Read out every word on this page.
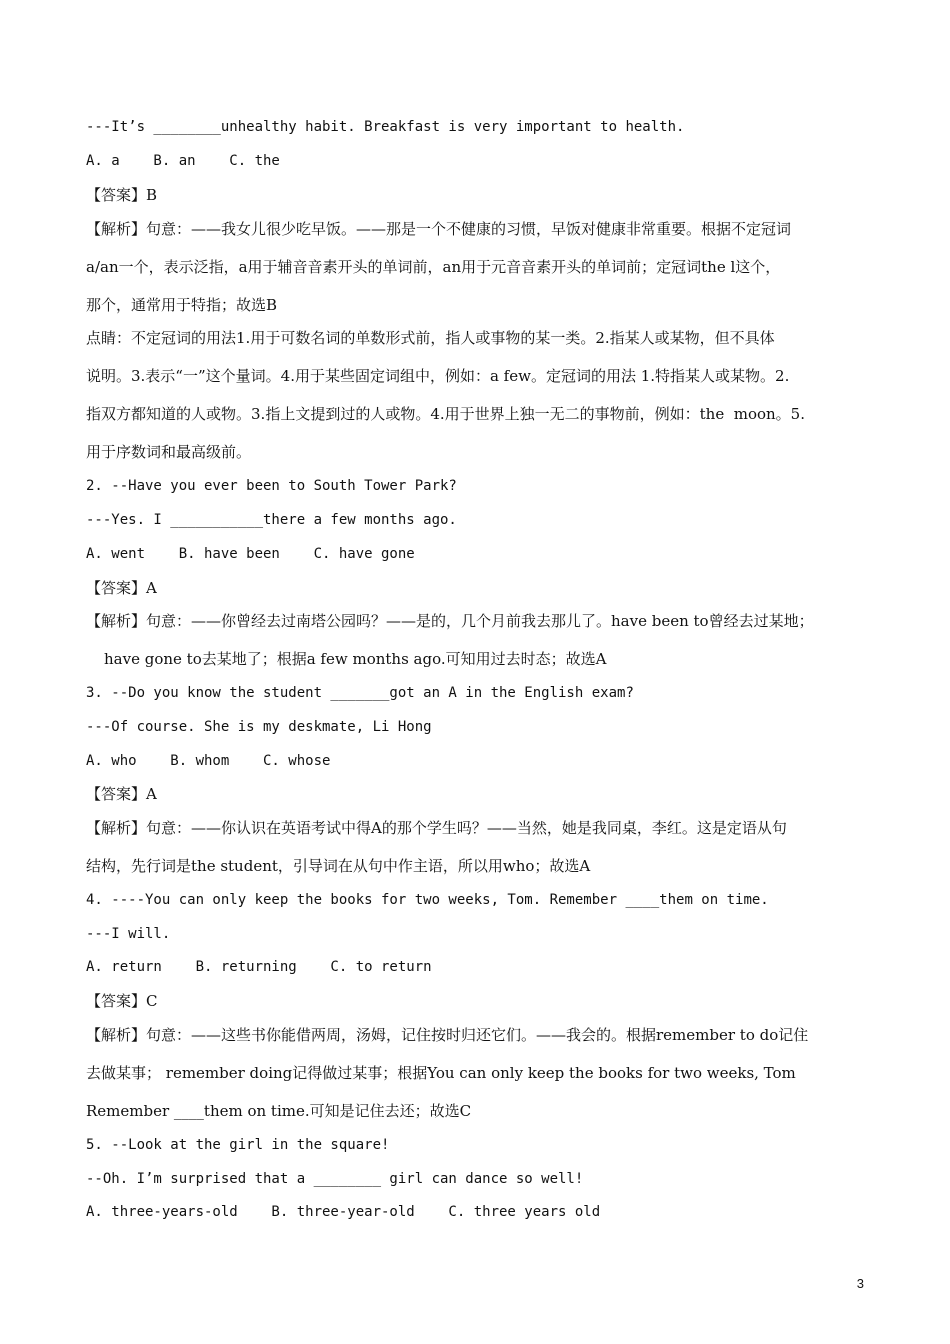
---It’s ________unhealthy habit. Breakfast is very important to health.
A. a    B. an    C. the
【答案】B
【解析】句意：——我女儿很少吃早饭。——那是一个不健康的习惯，早饭对健康非常重要。根据不定冠词
a/an一个，表示泛指，a用于辅音音素开头的单词前，an用于元音音素开头的单词前；定冠词the l这个，
那个，通常用于特指；故选B
点睛：不定冠词的用法1.用于可数名词的单数形式前，指人或事物的某一类。2.指某人或某物，但不具体
说明。3.表示“一”这个量词。4.用于某些固定词组中，例如：a few。定冠词的用法 1.特指某人或某物。2.
指双方都知道的人或物。3.指上文提到过的人或物。4.用于世界上独一无二的事物前，例如：the  moon。5.
用于序数词和最高级前。
2. --Have you ever been to South Tower Park?
---Yes. I ___________there a few months ago.
A. went    B. have been    C. have gone
【答案】A
【解析】句意：——你曾经去过南塔公园吗？——是的，几个月前我去那儿了。have been to曾经去过某地；
have gone to去某地了；根据a few months ago.可知用过去时态；故选A
3. --Do you know the student _______got an A in the English exam?
---Of course. She is my deskmate, Li Hong
A. who    B. whom    C. whose
【答案】A
【解析】句意：——你认识在英语考试中得A的那个学生吗？——当然，她是我同桌，李红。这是定语从句
结构，先行词是the student，引导词在从句中作主语，所以用who；故选A
4. ----You can only keep the books for two weeks, Tom. Remember ____them on time.
---I will.
A. return    B. returning    C. to return
【答案】C
【解析】句意：——这些书你能借两周，汤姆，记住按时归还它们。——我会的。根据remember to do记住
去做某事； remember doing记得做过某事；根据You can only keep the books for two weeks, Tom
Remember ____them on time.可知是记住去还；故选C
5. --Look at the girl in the square!
--Oh. I’m surprised that a ________ girl can dance so well!
A. three-years-old    B. three-year-old    C. three years old
3
